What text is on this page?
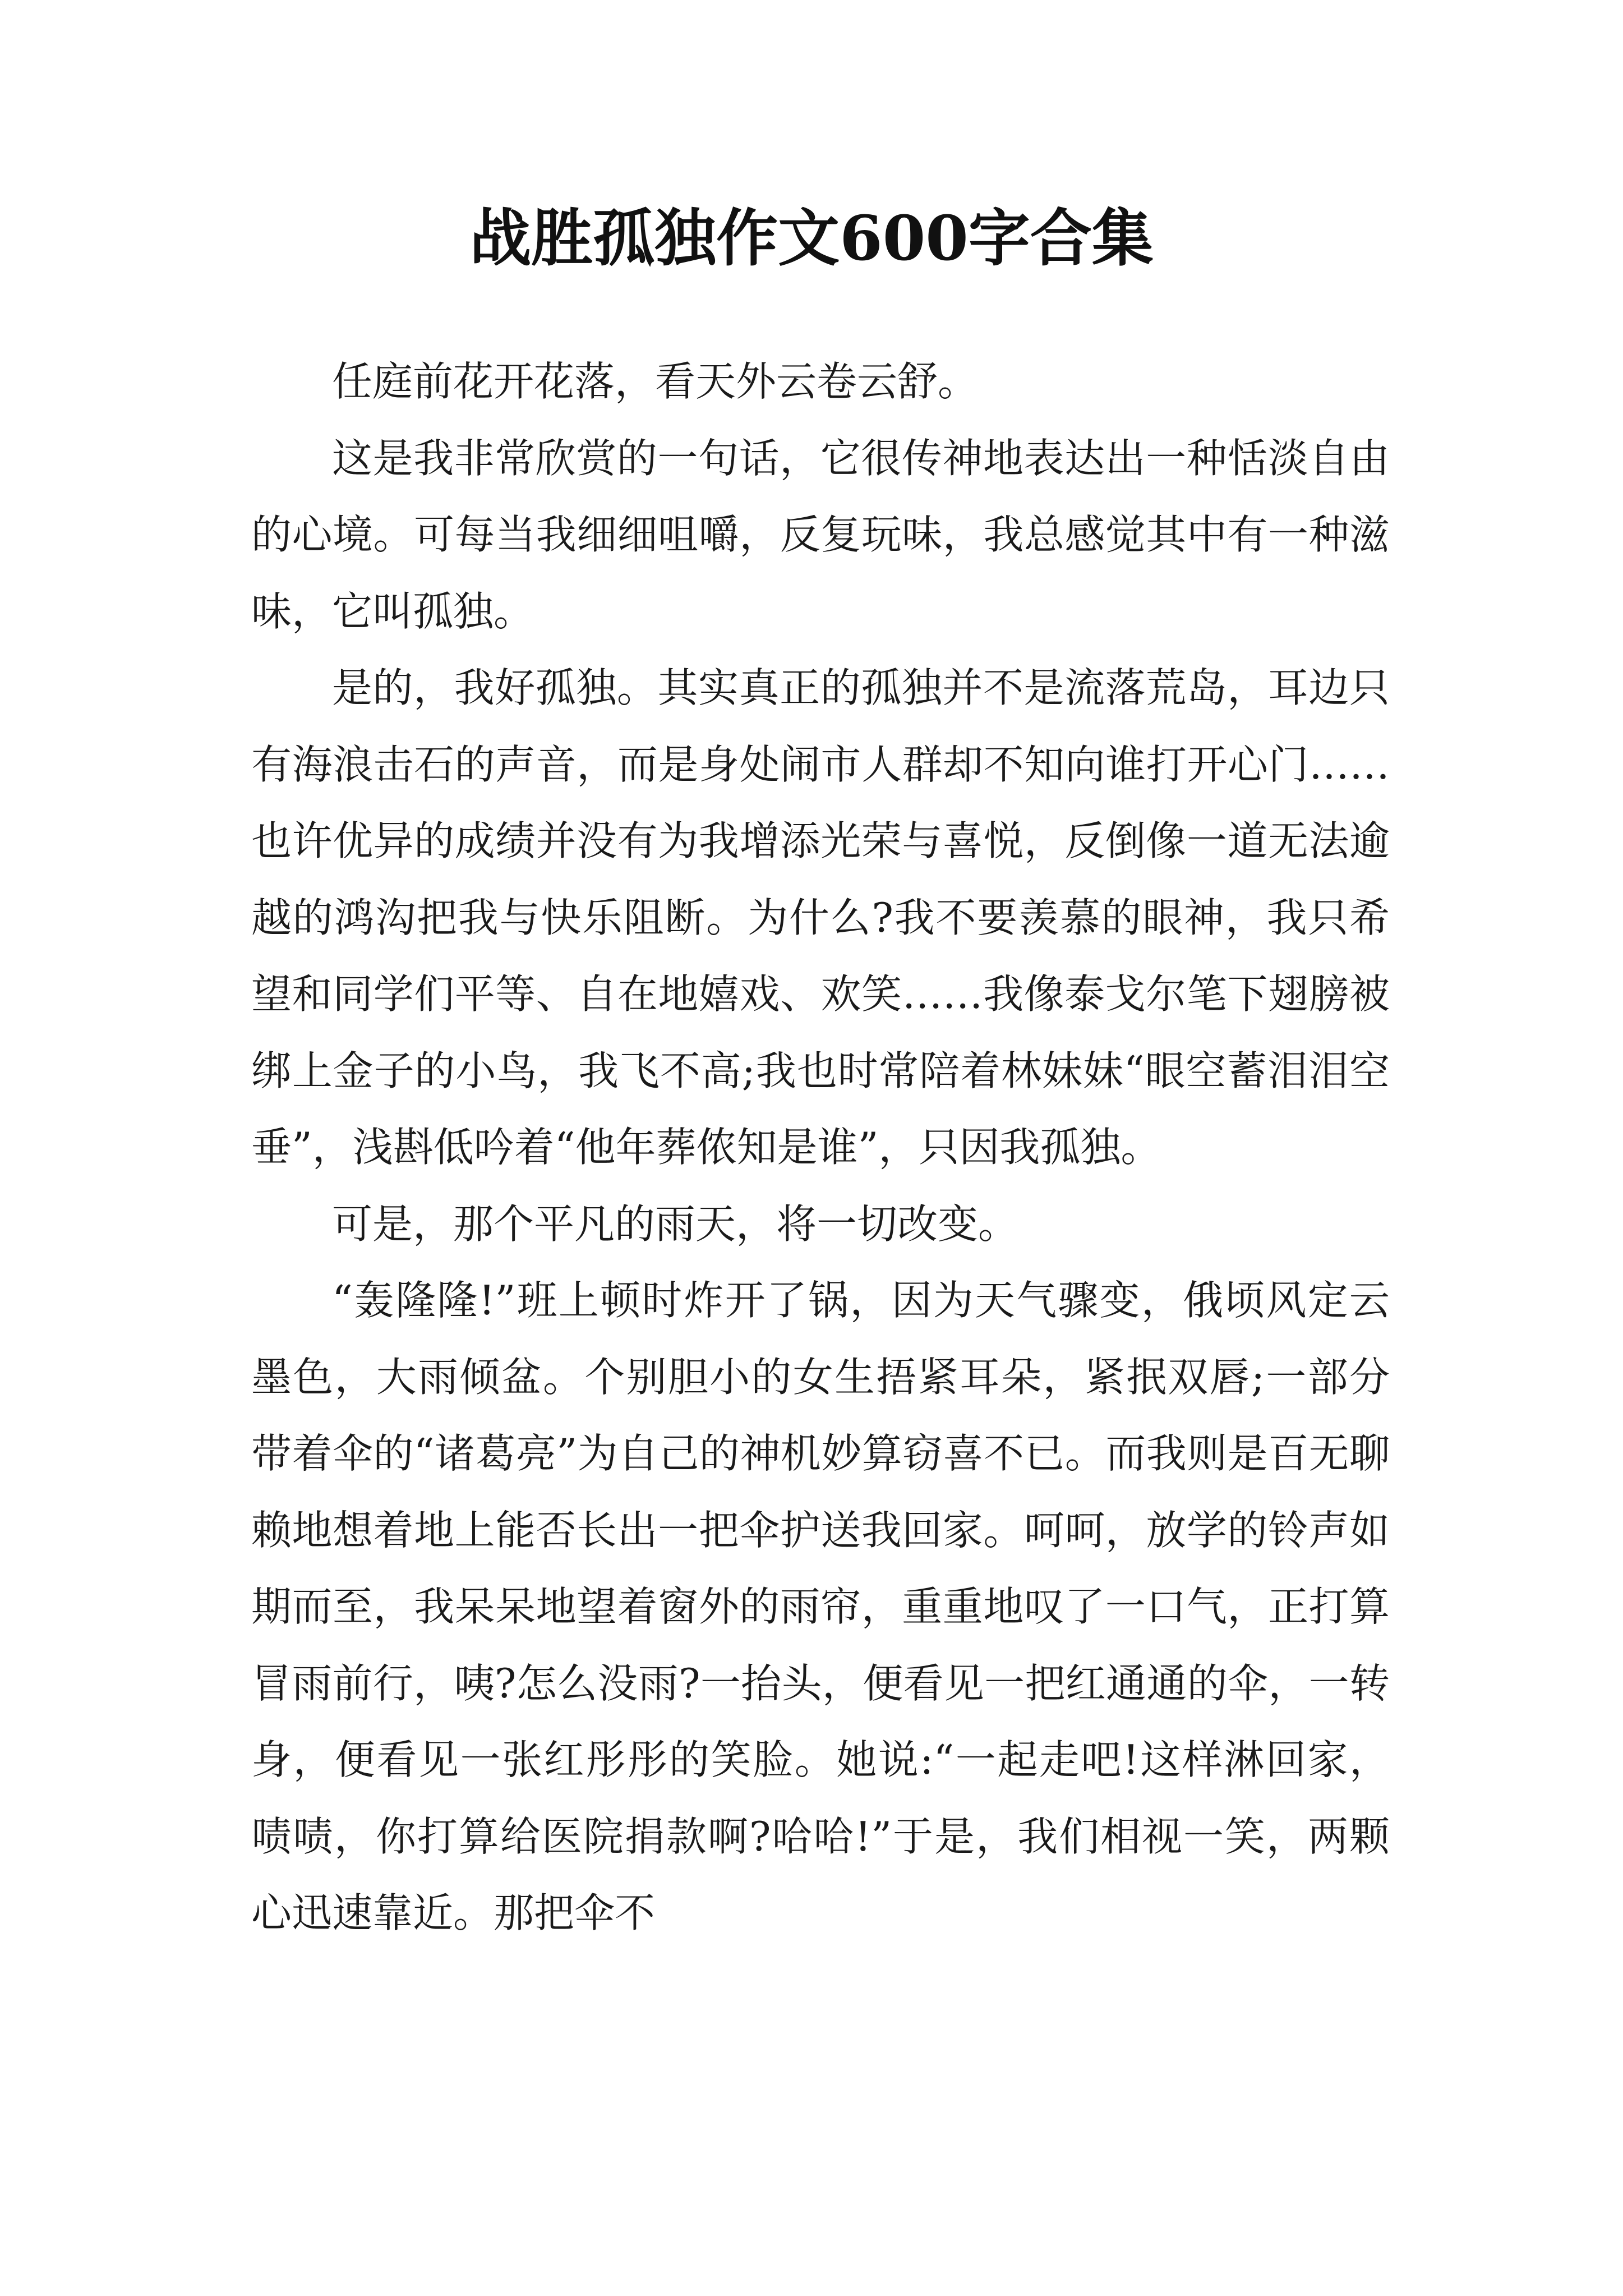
战胜孤独作文600字合集

任庭前花开花落，看天外云卷云舒。

这是我非常欣赏的一句话，它很传神地表达出一种恬淡自由的心境。可每当我细细咀嚼，反复玩味，我总感觉其中有一种滋味，它叫孤独。

是的，我好孤独。其实真正的孤独并不是流落荒岛，耳边只有海浪击石的声音，而是身处闹市人群却不知向谁打开心门……也许优异的成绩并没有为我增添光荣与喜悦，反倒像一道无法逾越的鸿沟把我与快乐阻断。为什么?我不要羡慕的眼神，我只希望和同学们平等、自在地嬉戏、欢笑……我像泰戈尔笔下翅膀被绑上金子的小鸟，我飞不高;我也时常陪着林妹妹“眼空蓄泪泪空垂”，浅斟低吟着“他年葬侬知是谁”，只因我孤独。

可是，那个平凡的雨天，将一切改变。

“轰隆隆!”班上顿时炸开了锅，因为天气骤变，俄顷风定云墨色，大雨倾盆。个别胆小的女生捂紧耳朵，紧抿双唇;一部分带着伞的“诸葛亮”为自己的神机妙算窃喜不已。而我则是百无聊赖地想着地上能否长出一把伞护送我回家。呵呵，放学的铃声如期而至，我呆呆地望着窗外的雨帘，重重地叹了一口气，正打算冒雨前行，咦?怎么没雨?一抬头，便看见一把红通通的伞，一转身，便看见一张红彤彤的笑脸。她说:“一起走吧!这样淋回家，啧啧，你打算给医院捐款啊?哈哈!”于是，我们相视一笑，两颗心迅速靠近。那把伞不
